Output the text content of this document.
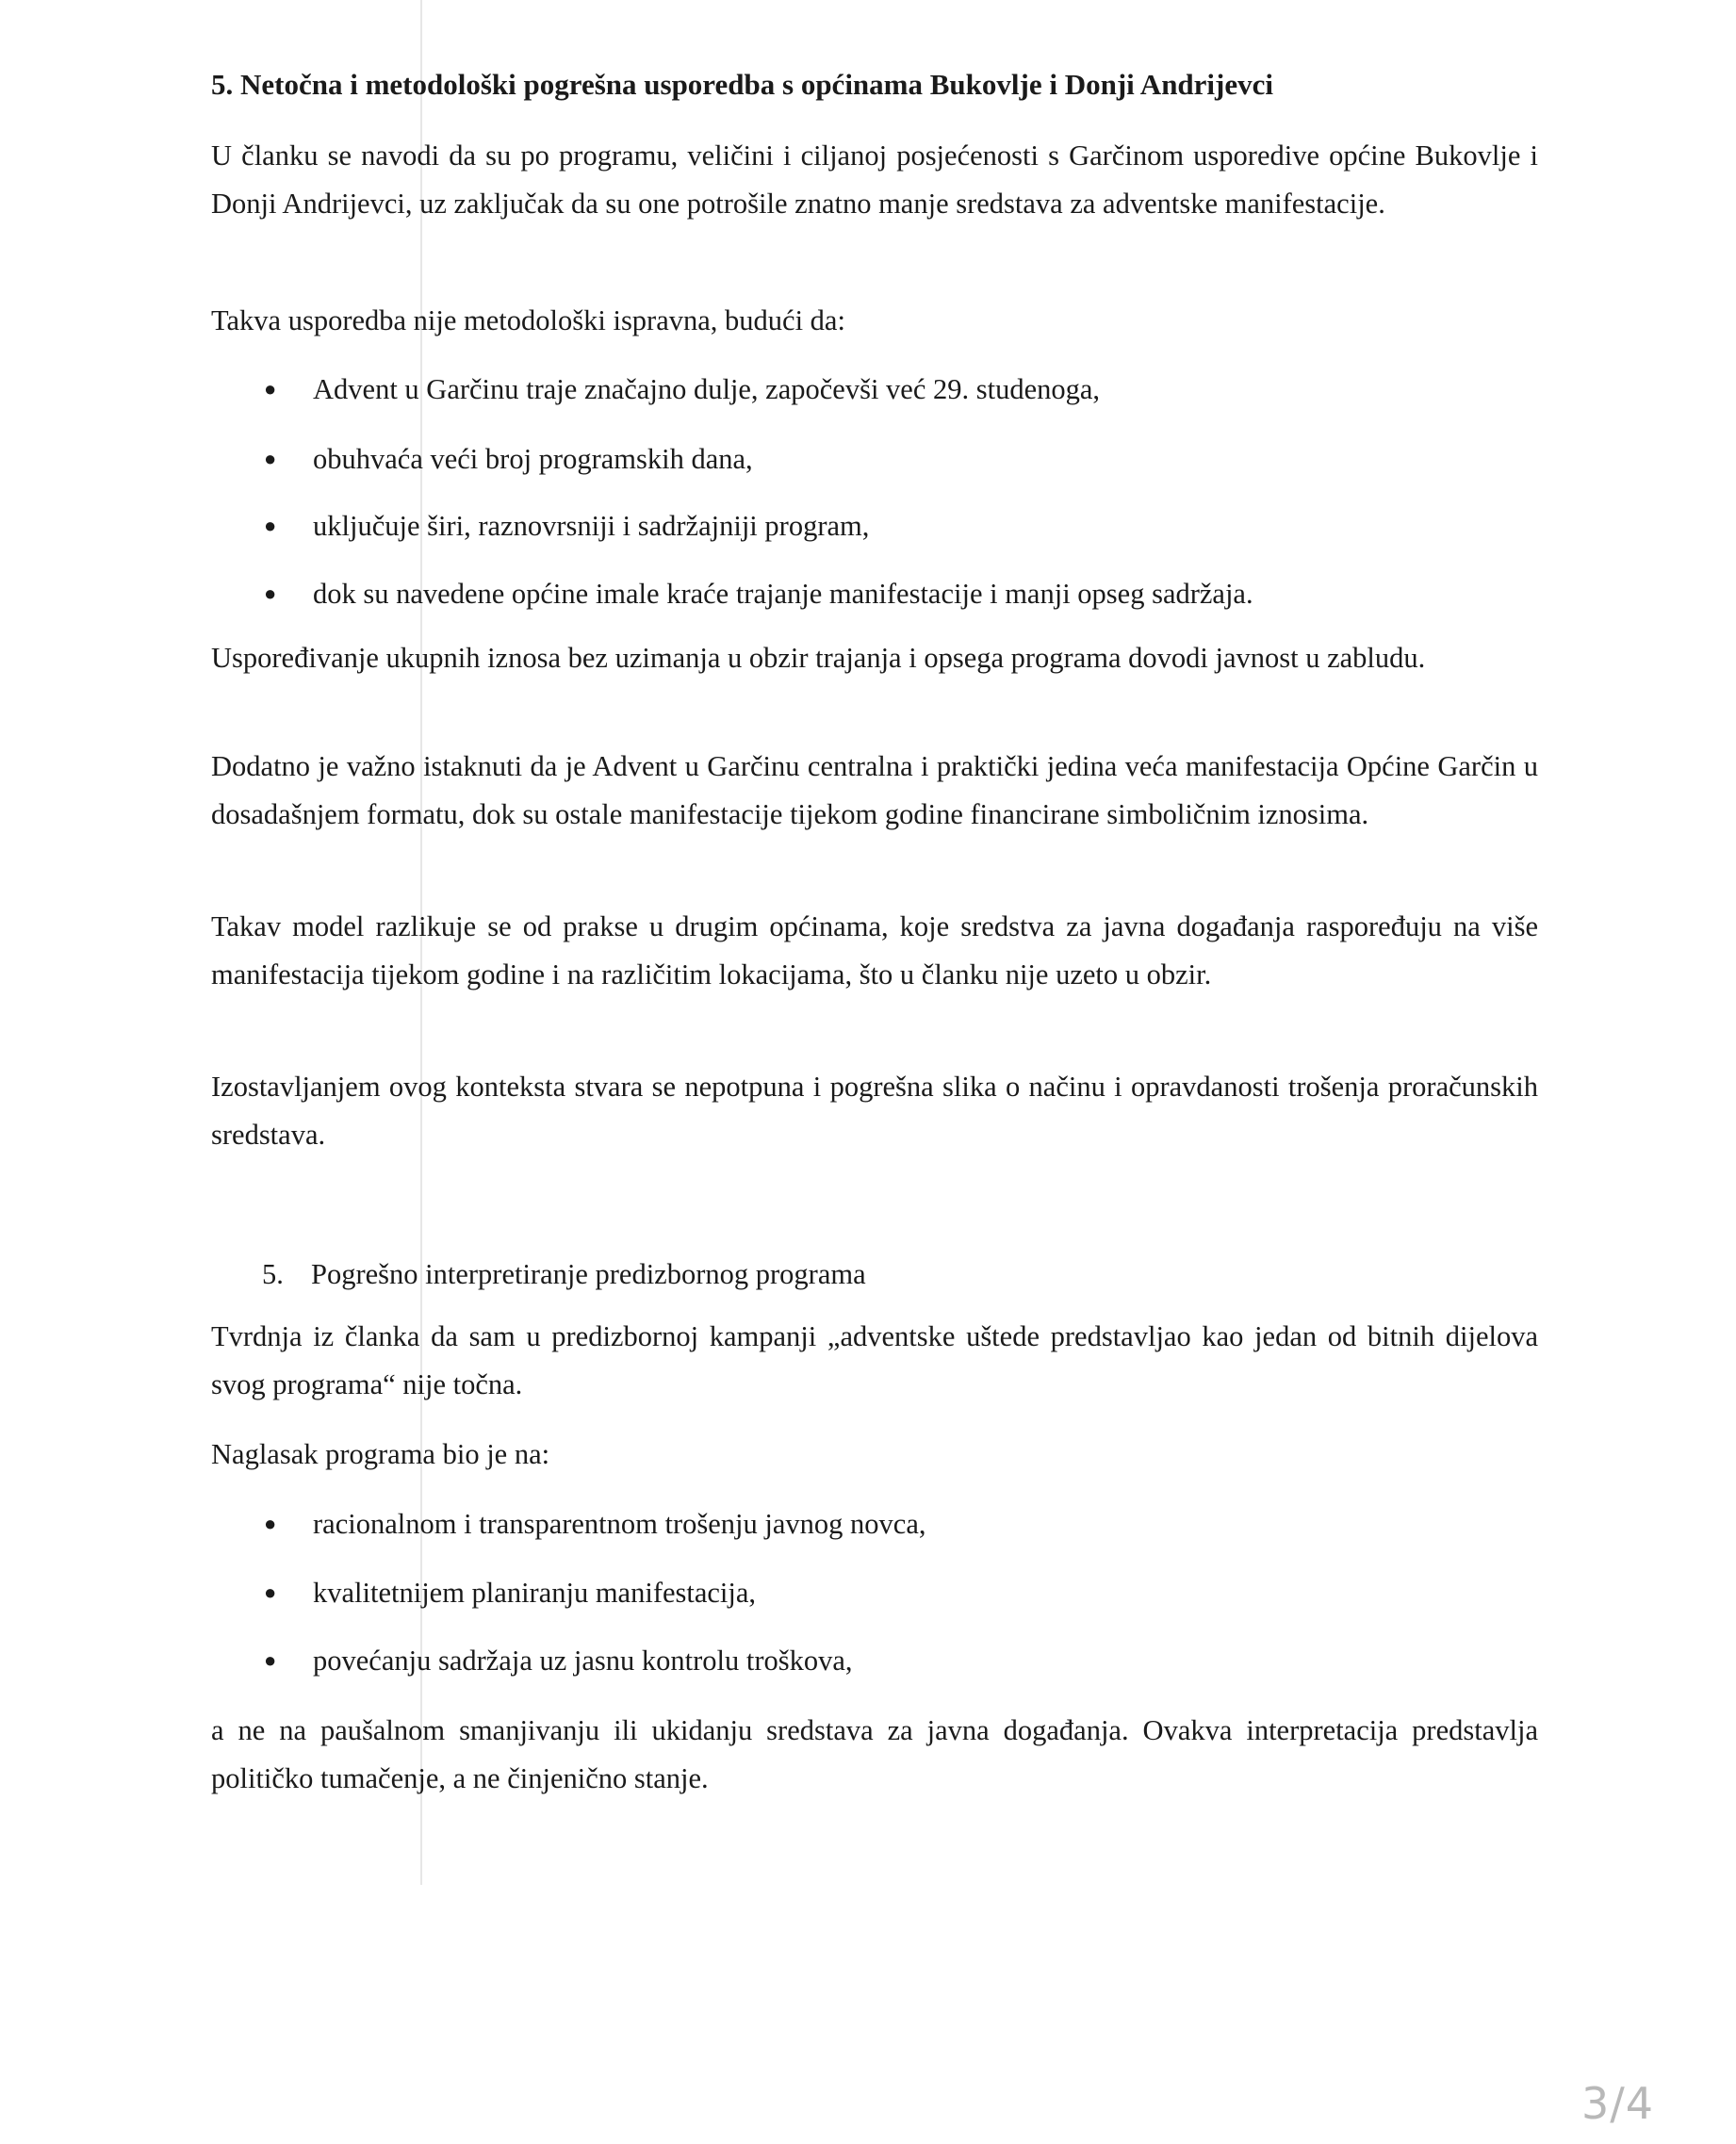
5. Netočna i metodološki pogrešna usporedba s općinama Bukovlje i Donji Andrijevci
U članku se navodi da su po programu, veličini i ciljanoj posjećenosti s Garčinom usporedive općine Bukovlje i Donji Andrijevci, uz zaključak da su one potrošile znatno manje sredstava za adventske manifestacije.
Takva usporedba nije metodološki ispravna, budući da:
● Advent u Garčinu traje značajno dulje, započevši već 29. studenoga,
● obuhvaća veći broj programskih dana,
● uključuje širi, raznovrsniji i sadržajniji program,
● dok su navedene općine imale kraće trajanje manifestacije i manji opseg sadržaja.
Uspoređivanje ukupnih iznosa bez uzimanja u obzir trajanja i opsega programa dovodi javnost u zabludu.
Dodatno je važno istaknuti da je Advent u Garčinu centralna i praktički jedina veća manifestacija Općine Garčin u dosadašnjem formatu, dok su ostale manifestacije tijekom godine financirane simboličnim iznosima.
Takav model razlikuje se od prakse u drugim općinama, koje sredstva za javna događanja raspoređuju na više manifestacija tijekom godine i na različitim lokacijama, što u članku nije uzeto u obzir.
Izostavljanjem ovog konteksta stvara se nepotpuna i pogrešna slika o načinu i opravdanosti trošenja proračunskih sredstava.
5. Pogrešno interpretiranje predizbornog programa
Tvrdnja iz članka da sam u predizbornoj kampanji „adventske uštede predstavljao kao jedan od bitnih dijelova svog programa“ nije točna.
Naglasak programa bio je na:
● racionalnom i transparentnom trošenju javnog novca,
● kvalitetnijem planiranju manifestacija,
● povećanju sadržaja uz jasnu kontrolu troškova,
a ne na paušalnom smanjivanju ili ukidanju sredstava za javna događanja. Ovakva interpretacija predstavlja političko tumačenje, a ne činjenično stanje.
3/4
